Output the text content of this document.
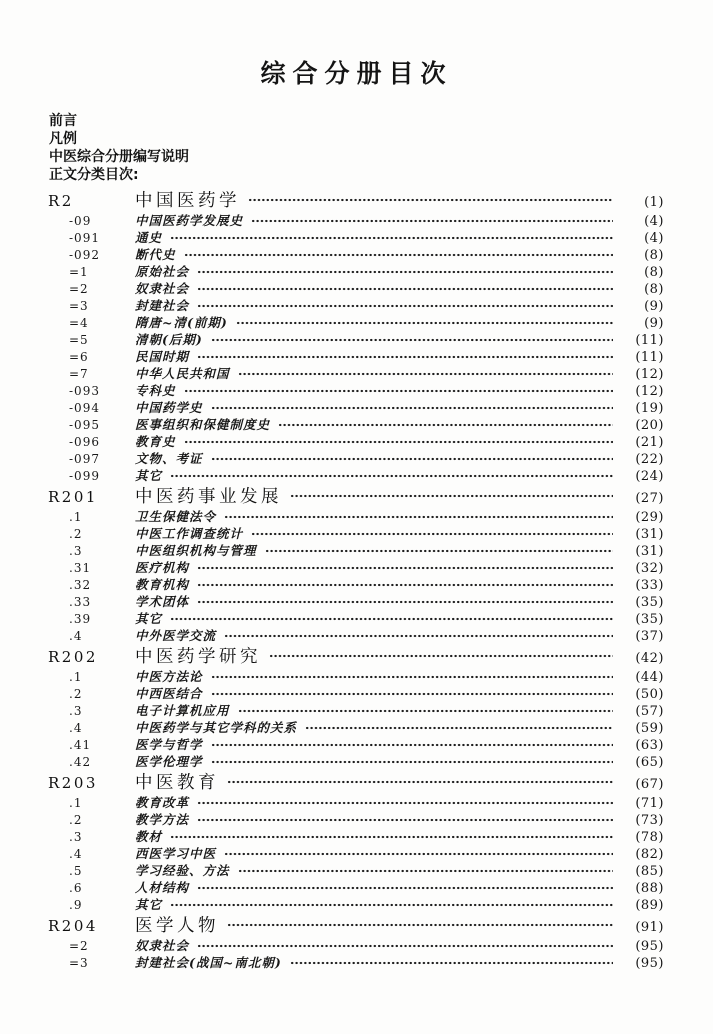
综合分册目次
前言
凡例
中医综合分册编写说明
正文分类目次:
R2	中国医药学	(1)
-09	中国医药学发展史	(4)
-091	通史	(4)
-092	断代史	(8)
=1	原始社会	(8)
=2	奴隶社会	(8)
=3	封建社会	(9)
=4	隋唐~清(前期)	(9)
=5	清朝(后期)	(11)
=6	民国时期	(11)
=7	中华人民共和国	(12)
-093	专科史	(12)
-094	中国药学史	(19)
-095	医事组织和保健制度史	(20)
-096	教育史	(21)
-097	文物、考证	(22)
-099	其它	(24)
R201	中医药事业发展	(27)
.1	卫生保健法令	(29)
.2	中医工作调查统计	(31)
.3	中医组织机构与管理	(31)
.31	医疗机构	(32)
.32	教育机构	(33)
.33	学术团体	(35)
.39	其它	(35)
.4	中外医学交流	(37)
R202	中医药学研究	(42)
.1	中医方法论	(44)
.2	中西医结合	(50)
.3	电子计算机应用	(57)
.4	中医药学与其它学科的关系	(59)
.41	医学与哲学	(63)
.42	医学伦理学	(65)
R203	中医教育	(67)
.1	教育改革	(71)
.2	教学方法	(73)
.3	教材	(78)
.4	西医学习中医	(82)
.5	学习经验、方法	(85)
.6	人材结构	(88)
.9	其它	(89)
R204	医学人物	(91)
=2	奴隶社会	(95)
=3	封建社会(战国~南北朝)	(95)
